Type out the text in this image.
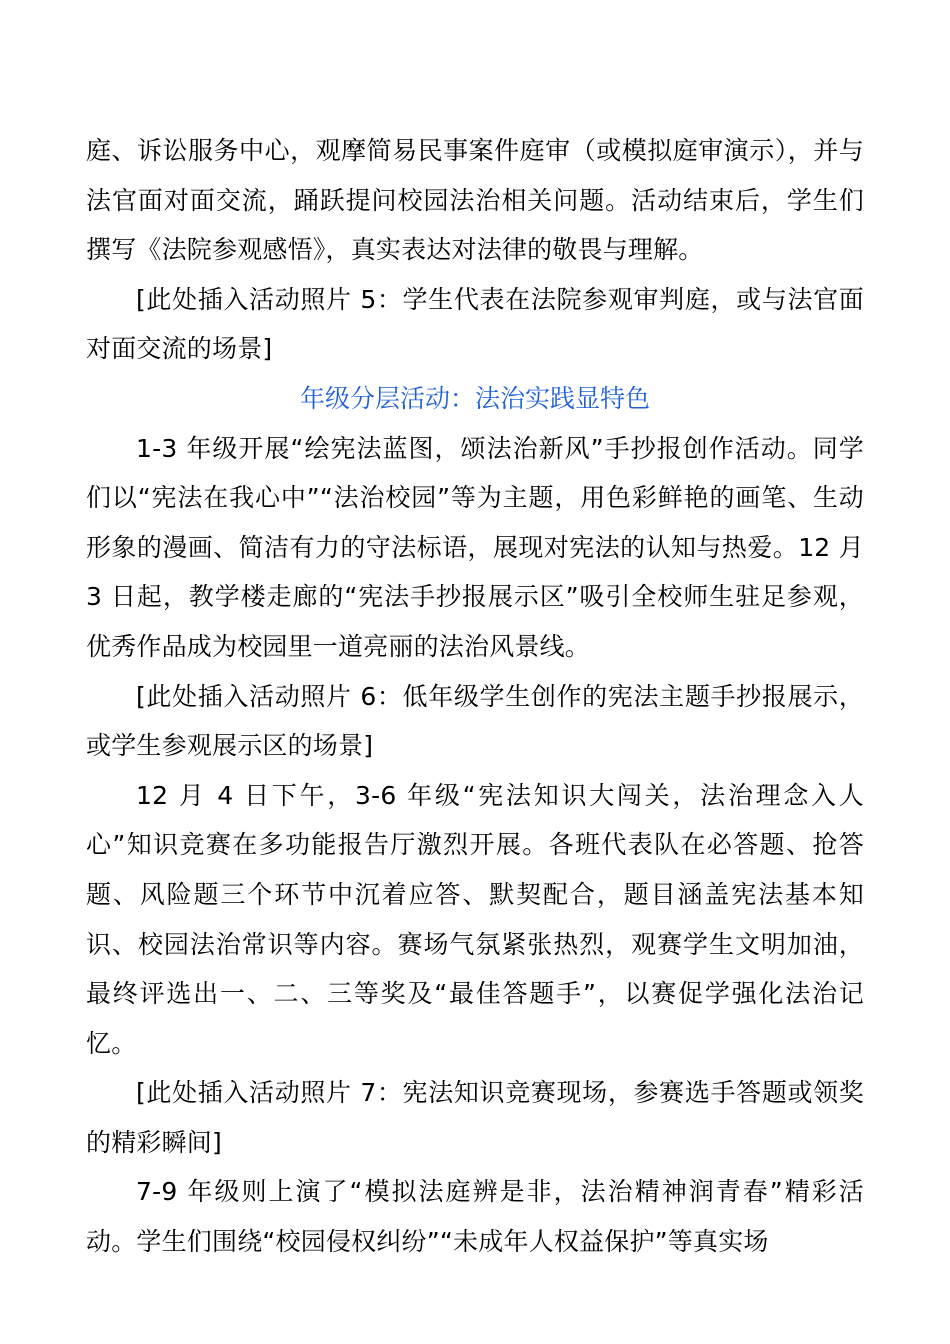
庭、诉讼服务中心，观摩简易民事案件庭审（或模拟庭审演示），并与法官面对面交流，踊跃提问校园法治相关问题。活动结束后，学生们撰写《法院参观感悟》，真实表达对法律的敬畏与理解。

[此处插入活动照片 5：学生代表在法院参观审判庭，或与法官面对面交流的场景]

年级分层活动：法治实践显特色

1-3 年级开展“绘宪法蓝图，颂法治新风”手抄报创作活动。同学们以“宪法在我心中”“法治校园”等为主题，用色彩鲜艳的画笔、生动形象的漫画、简洁有力的守法标语，展现对宪法的认知与热爱。12 月 3 日起，教学楼走廊的“宪法手抄报展示区”吸引全校师生驻足参观，优秀作品成为校园里一道亮丽的法治风景线。

[此处插入活动照片 6：低年级学生创作的宪法主题手抄报展示，或学生参观展示区的场景]

12 月 4 日下午，3-6 年级“宪法知识大闯关，法治理念入人心”知识竞赛在多功能报告厅激烈开展。各班代表队在必答题、抢答题、风险题三个环节中沉着应答、默契配合，题目涵盖宪法基本知识、校园法治常识等内容。赛场气氛紧张热烈，观赛学生文明加油，最终评选出一、二、三等奖及“最佳答题手”，以赛促学强化法治记忆。

[此处插入活动照片 7：宪法知识竞赛现场，参赛选手答题或领奖的精彩瞬间]

7-9 年级则上演了“模拟法庭辨是非，法治精神润青春”精彩活动。学生们围绕“校园侵权纠纷”“未成年人权益保护”等真实场
